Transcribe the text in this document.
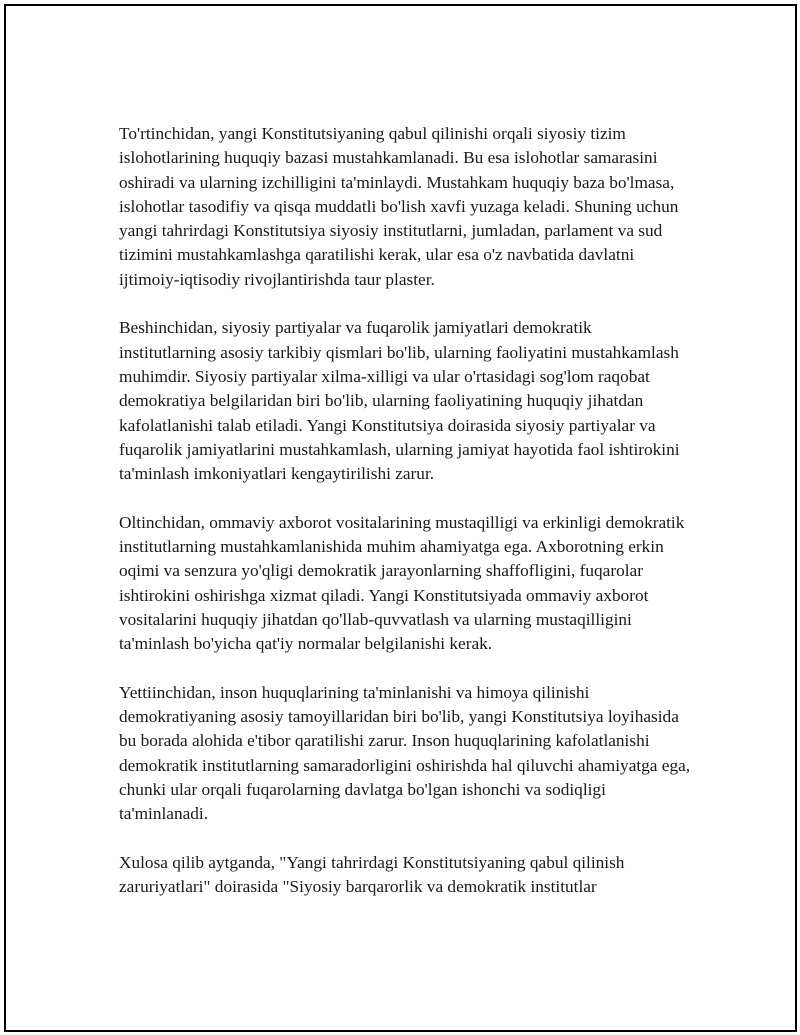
To'rtinchidan, yangi Konstitutsiyaning qabul qilinishi orqali siyosiy tizim islohotlarining huquqiy bazasi mustahkamlanadi. Bu esa islohotlar samarasini oshiradi va ularning izchilligini ta'minlaydi. Mustahkam huquqiy baza bo'lmasa, islohotlar tasodifiy va qisqa muddatli bo'lish xavfi yuzaga keladi. Shuning uchun yangi tahrirdagi Konstitutsiya siyosiy institutlarni, jumladan, parlament va sud tizimini mustahkamlashga qaratilishi kerak, ular esa o'z navbatida davlatni ijtimoiy-iqtisodiy rivojlantirishda taur plaster.

Beshinchidan, siyosiy partiyalar va fuqarolik jamiyatlari demokratik institutlarning asosiy tarkibiy qismlari bo'lib, ularning faoliyatini mustahkamlash muhimdir. Siyosiy partiyalar xilma-xilligi va ular o'rtasidagi sog'lom raqobat demokratiya belgilaridan biri bo'lib, ularning faoliyatining huquqiy jihatdan kafolatlanishi talab etiladi. Yangi Konstitutsiya doirasida siyosiy partiyalar va fuqarolik jamiyatlarini mustahkamlash, ularning jamiyat hayotida faol ishtirokini ta'minlash imkoniyatlari kengaytirilishi zarur.

Oltinchidan, ommaviy axborot vositalarining mustaqilligi va erkinligi demokratik institutlarning mustahkamlanishida muhim ahamiyatga ega. Axborotning erkin oqimi va senzura yo'qligi demokratik jarayonlarning shaffofligini, fuqarolar ishtirokini oshirishga xizmat qiladi. Yangi Konstitutsiyada ommaviy axborot vositalarini huquqiy jihatdan qo'llab-quvvatlash va ularning mustaqilligini ta'minlash bo'yicha qat'iy normalar belgilanishi kerak.

Yettiinchidan, inson huquqlarining ta'minlanishi va himoya qilinishi demokratiyaning asosiy tamoyillaridan biri bo'lib, yangi Konstitutsiya loyihasida bu borada alohida e'tibor qaratilishi zarur. Inson huquqlarining kafolatlanishi demokratik institutlarning samaradorligini oshirishda hal qiluvchi ahamiyatga ega, chunki ular orqali fuqarolarning davlatga bo'lgan ishonchi va sodiqligi ta'minlanadi.

Xulosa qilib aytganda, "Yangi tahrirdagi Konstitutsiyaning qabul qilinish zaruriyatlari" doirasida "Siyosiy barqarorlik va demokratik institutlar
